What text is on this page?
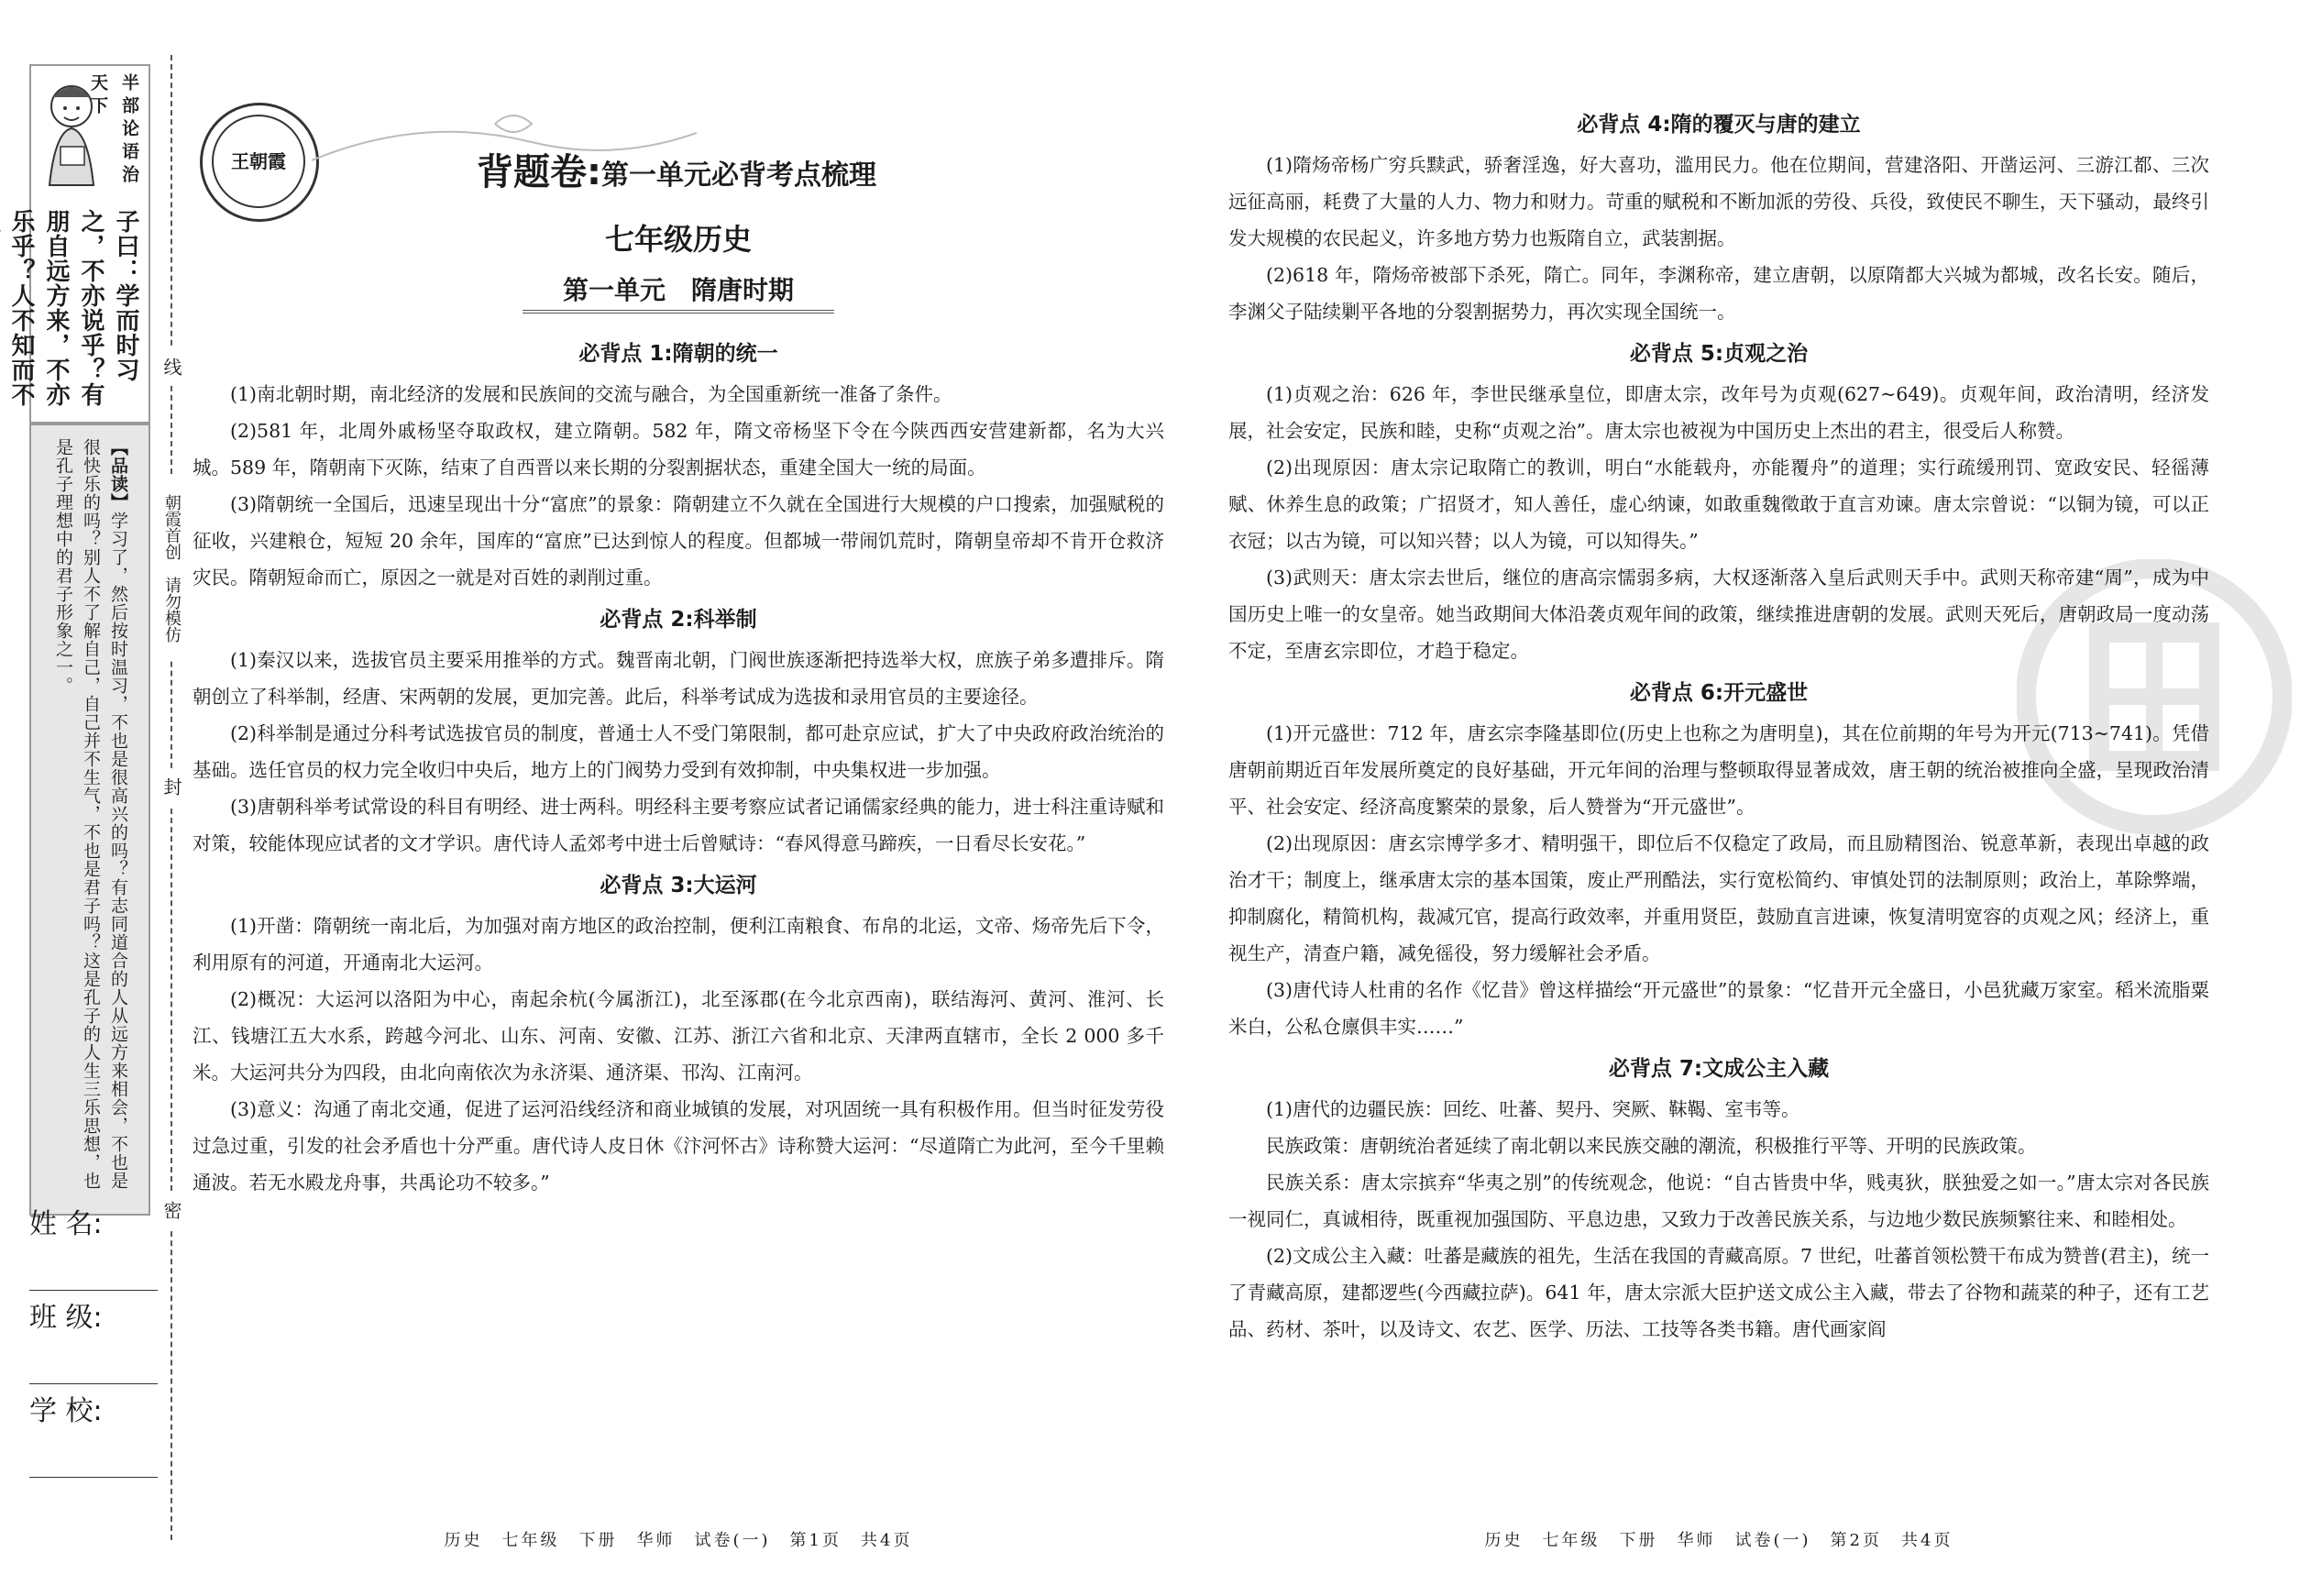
半部论语治天下

子曰：学而时习之，不亦说乎？有朋自远方来，不亦乐乎？人不知而不

【品读】学习了，然后按时温习，不也是很高兴的吗？有志同道合的人从远方来相会，不也是很快乐的吗？别人不了解自己，自己并不生气，不也是君子吗？这是孔子的人生三乐思想，也是孔子理想中的君子形象之一。

姓 名:
班 级:
学 校:
线
朝霞首创　请勿模仿
封
密
王朝霞	背题卷:第一单元必背考点梳理
七年级历史
第一单元　隋唐时期
必背点 1:隋朝的统一

(1)南北朝时期，南北经济的发展和民族间的交流与融合，为全国重新统一准备了条件。

(2)581 年，北周外戚杨坚夺取政权，建立隋朝。582 年，隋文帝杨坚下令在今陕西西安营建新都，名为大兴城。589 年，隋朝南下灭陈，结束了自西晋以来长期的分裂割据状态，重建全国大一统的局面。

(3)隋朝统一全国后，迅速呈现出十分“富庶”的景象：隋朝建立不久就在全国进行大规模的户口搜索，加强赋税的征收，兴建粮仓，短短 20 余年，国库的“富庶”已达到惊人的程度。但都城一带闹饥荒时，隋朝皇帝却不肯开仓救济灾民。隋朝短命而亡，原因之一就是对百姓的剥削过重。

必背点 2:科举制

(1)秦汉以来，选拔官员主要采用推举的方式。魏晋南北朝，门阀世族逐渐把持选举大权，庶族子弟多遭排斥。隋朝创立了科举制，经唐、宋两朝的发展，更加完善。此后，科举考试成为选拔和录用官员的主要途径。

(2)科举制是通过分科考试选拔官员的制度，普通士人不受门第限制，都可赴京应试，扩大了中央政府政治统治的基础。选任官员的权力完全收归中央后，地方上的门阀势力受到有效抑制，中央集权进一步加强。

(3)唐朝科举考试常设的科目有明经、进士两科。明经科主要考察应试者记诵儒家经典的能力，进士科注重诗赋和对策，较能体现应试者的文才学识。唐代诗人孟郊考中进士后曾赋诗：“春风得意马蹄疾，一日看尽长安花。”

必背点 3:大运河

(1)开凿：隋朝统一南北后，为加强对南方地区的政治控制，便利江南粮食、布帛的北运，文帝、炀帝先后下令，利用原有的河道，开通南北大运河。

(2)概况：大运河以洛阳为中心，南起余杭(今属浙江)，北至涿郡(在今北京西南)，联结海河、黄河、淮河、长江、钱塘江五大水系，跨越今河北、山东、河南、安徽、江苏、浙江六省和北京、天津两直辖市，全长 2 000 多千米。大运河共分为四段，由北向南依次为永济渠、通济渠、邗沟、江南河。

(3)意义：沟通了南北交通，促进了运河沿线经济和商业城镇的发展，对巩固统一具有积极作用。但当时征发劳役过急过重，引发的社会矛盾也十分严重。唐代诗人皮日休《汴河怀古》诗称赞大运河：“尽道隋亡为此河，至今千里赖通波。若无水殿龙舟事，共禹论功不较多。”

历史　七年级　下册　华师　试卷(一)　第1页　共4页
必背点 4:隋的覆灭与唐的建立

(1)隋炀帝杨广穷兵黩武，骄奢淫逸，好大喜功，滥用民力。他在位期间，营建洛阳、开凿运河、三游江都、三次远征高丽，耗费了大量的人力、物力和财力。苛重的赋税和不断加派的劳役、兵役，致使民不聊生，天下骚动，最终引发大规模的农民起义，许多地方势力也叛隋自立，武装割据。

(2)618 年，隋炀帝被部下杀死，隋亡。同年，李渊称帝，建立唐朝，以原隋都大兴城为都城，改名长安。随后，李渊父子陆续剿平各地的分裂割据势力，再次实现全国统一。

必背点 5:贞观之治

(1)贞观之治：626 年，李世民继承皇位，即唐太宗，改年号为贞观(627~649)。贞观年间，政治清明，经济发展，社会安定，民族和睦，史称“贞观之治”。唐太宗也被视为中国历史上杰出的君主，很受后人称赞。

(2)出现原因：唐太宗记取隋亡的教训，明白“水能载舟，亦能覆舟”的道理；实行疏缓刑罚、宽政安民、轻徭薄赋、休养生息的政策；广招贤才，知人善任，虚心纳谏，如敢重魏徵敢于直言劝谏。唐太宗曾说：“以铜为镜，可以正衣冠；以古为镜，可以知兴替；以人为镜，可以知得失。”

(3)武则天：唐太宗去世后，继位的唐高宗懦弱多病，大权逐渐落入皇后武则天手中。武则天称帝建“周”，成为中国历史上唯一的女皇帝。她当政期间大体沿袭贞观年间的政策，继续推进唐朝的发展。武则天死后，唐朝政局一度动荡不定，至唐玄宗即位，才趋于稳定。

必背点 6:开元盛世

(1)开元盛世：712 年，唐玄宗李隆基即位(历史上也称之为唐明皇)，其在位前期的年号为开元(713~741)。凭借唐朝前期近百年发展所奠定的良好基础，开元年间的治理与整顿取得显著成效，唐王朝的统治被推向全盛，呈现政治清平、社会安定、经济高度繁荣的景象，后人赞誉为“开元盛世”。

(2)出现原因：唐玄宗博学多才、精明强干，即位后不仅稳定了政局，而且励精图治、锐意革新，表现出卓越的政治才干；制度上，继承唐太宗的基本国策，废止严刑酷法，实行宽松简约、审慎处罚的法制原则；政治上，革除弊端，抑制腐化，精简机构，裁减冗官，提高行政效率，并重用贤臣，鼓励直言进谏，恢复清明宽容的贞观之风；经济上，重视生产，清查户籍，减免徭役，努力缓解社会矛盾。

(3)唐代诗人杜甫的名作《忆昔》曾这样描绘“开元盛世”的景象：“忆昔开元全盛日，小邑犹藏万家室。稻米流脂粟米白，公私仓廪俱丰实……”

必背点 7:文成公主入藏

(1)唐代的边疆民族：回纥、吐蕃、契丹、突厥、靺鞨、室韦等。

民族政策：唐朝统治者延续了南北朝以来民族交融的潮流，积极推行平等、开明的民族政策。

民族关系：唐太宗摈弃“华夷之别”的传统观念，他说：“自古皆贵中华，贱夷狄，朕独爱之如一。”唐太宗对各民族一视同仁，真诚相待，既重视加强国防、平息边患，又致力于改善民族关系，与边地少数民族频繁往来、和睦相处。

(2)文成公主入藏：吐蕃是藏族的祖先，生活在我国的青藏高原。7 世纪，吐蕃首领松赞干布成为赞普(君主)，统一了青藏高原，建都逻些(今西藏拉萨)。641 年，唐太宗派大臣护送文成公主入藏，带去了谷物和蔬菜的种子，还有工艺品、药材、茶叶，以及诗文、农艺、医学、历法、工技等各类书籍。唐代画家阎

历史　七年级　下册　华师　试卷(一)　第2页　共4页
